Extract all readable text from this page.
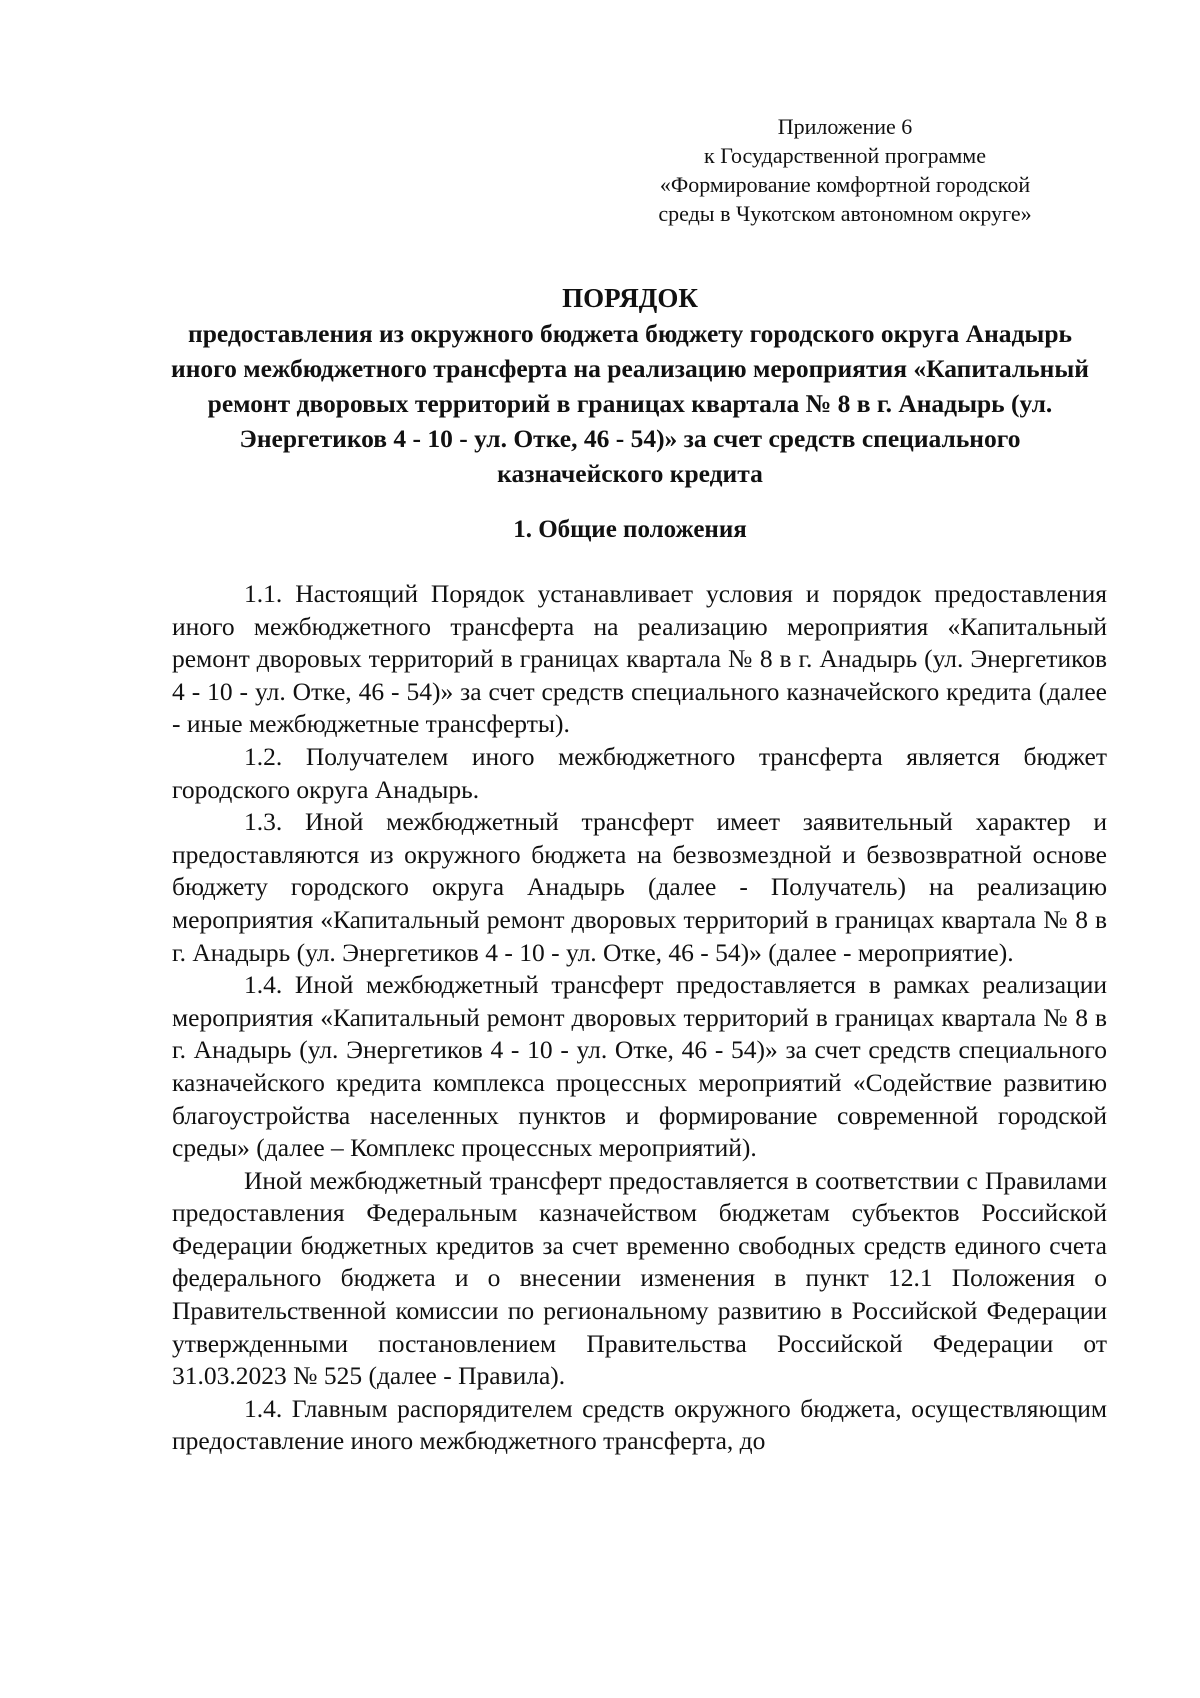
Приложение 6
к Государственной программе
«Формирование комфортной городской
среды в Чукотском автономном округе»

ПОРЯДОК

предоставления из окружного бюджета бюджету городского округа Анадырь иного межбюджетного трансферта на реализацию мероприятия «Капитальный ремонт дворовых территорий в границах квартала № 8 в г. Анадырь (ул. Энергетиков 4 - 10 - ул. Отке, 46 - 54)» за счет средств специального казначейского кредита

1. Общие положения

1.1. Настоящий Порядок устанавливает условия и порядок предоставления иного межбюджетного трансферта на реализацию мероприятия «Капитальный ремонт дворовых территорий в границах квартала № 8 в г. Анадырь (ул. Энергетиков 4 - 10 - ул. Отке, 46 - 54)» за счет средств специального казначейского кредита (далее - иные межбюджетные трансферты).

1.2. Получателем иного межбюджетного трансферта является бюджет городского округа Анадырь.

1.3. Иной межбюджетный трансферт имеет заявительный характер и предоставляются из окружного бюджета на безвозмездной и безвозвратной основе бюджету городского округа Анадырь (далее - Получатель) на реализацию мероприятия «Капитальный ремонт дворовых территорий в границах квартала № 8 в г. Анадырь (ул. Энергетиков 4 - 10 - ул. Отке, 46 - 54)» (далее - мероприятие).

1.4. Иной межбюджетный трансферт предоставляется в рамках реализации мероприятия «Капитальный ремонт дворовых территорий в границах квартала № 8 в г. Анадырь (ул. Энергетиков 4 - 10 - ул. Отке, 46 - 54)» за счет средств специального казначейского кредита комплекса процессных мероприятий «Содействие развитию благоустройства населенных пунктов и формирование современной городской среды» (далее – Комплекс процессных мероприятий).

Иной межбюджетный трансферт предоставляется в соответствии с Правилами предоставления Федеральным казначейством бюджетам субъектов Российской Федерации бюджетных кредитов за счет временно свободных средств единого счета федерального бюджета и о внесении изменения в пункт 12.1 Положения о Правительственной комиссии по региональному развитию в Российской Федерации утвержденными постановлением Правительства Российской Федерации от 31.03.2023 № 525 (далее - Правила).

1.4. Главным распорядителем средств окружного бюджета, осуществляющим предоставление иного межбюджетного трансферта, до
